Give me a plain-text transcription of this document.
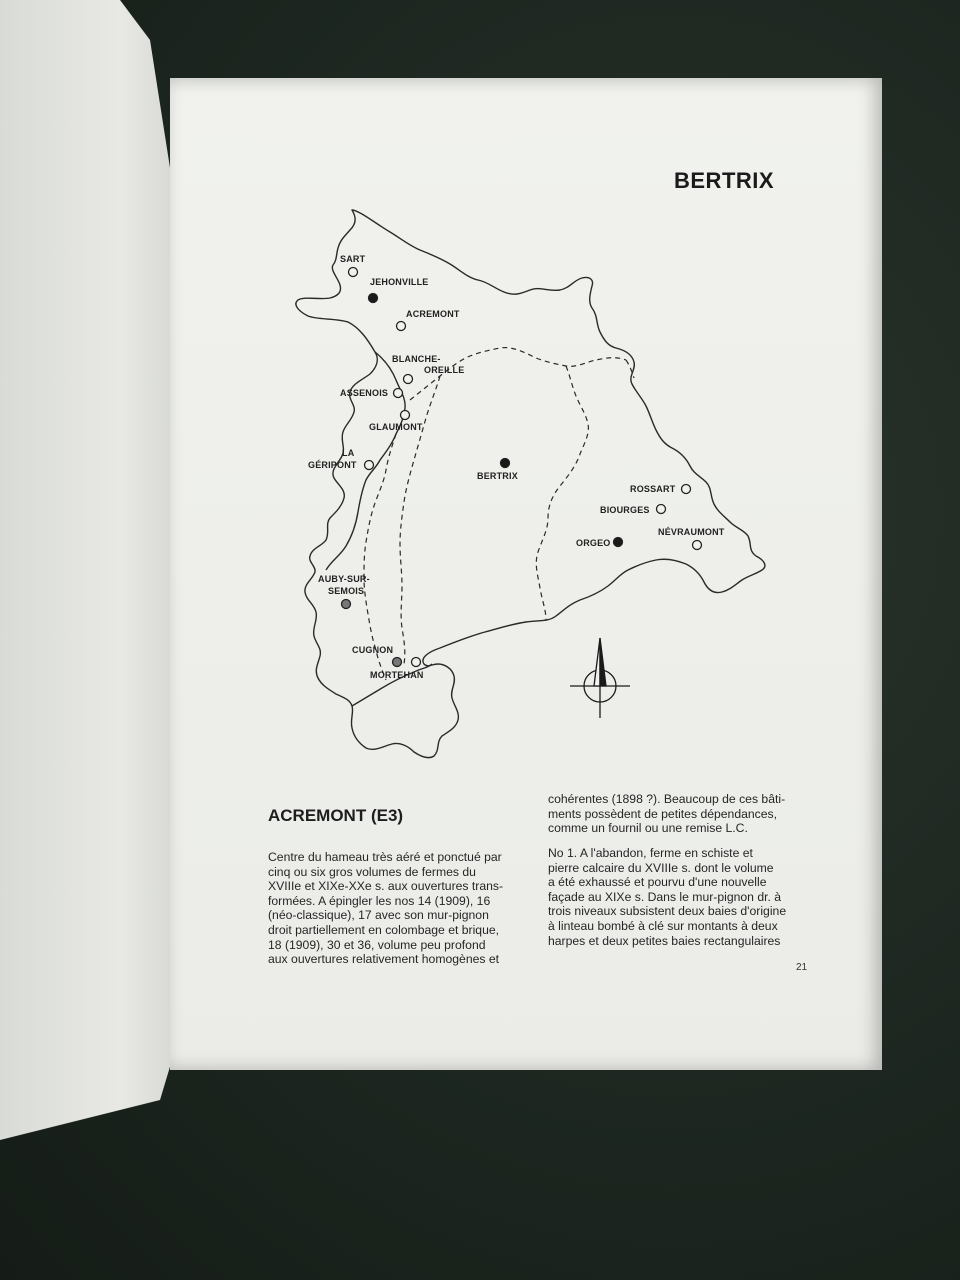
BERTRIX
SART
JEHONVILLE
ACREMONT
BLANCHE-
OREILLE
ASSENOIS
GLAUMONT
LA
GÉRIPONT
BERTRIX
ROSSART
BIOURGES
ORGEO
NÉVRAUMONT
AUBY-SUR-
SEMOIS
CUGNON
MORTEHAN
ACREMONT (E3)
Centre du hameau très aéré et ponctué par
cinq ou six gros volumes de fermes du
XVIIIe et XIXe-XXe s. aux ouvertures trans-
formées. A épingler les nos 14 (1909), 16
(néo-classique), 17 avec son mur-pignon
droit partiellement en colombage et brique,
18 (1909), 30 et 36, volume peu profond
aux ouvertures relativement homogènes et
cohérentes (1898 ?). Beaucoup de ces bâti-
ments possèdent de petites dépendances,
comme un fournil ou une remise L.C.
No 1. A l'abandon, ferme en schiste et
pierre calcaire du XVIIIe s. dont le volume
a été exhaussé et pourvu d'une nouvelle
façade au XIXe s. Dans le mur-pignon dr. à
trois niveaux subsistent deux baies d'origine
à linteau bombé à clé sur montants à deux
harpes et deux petites baies rectangulaires
21
